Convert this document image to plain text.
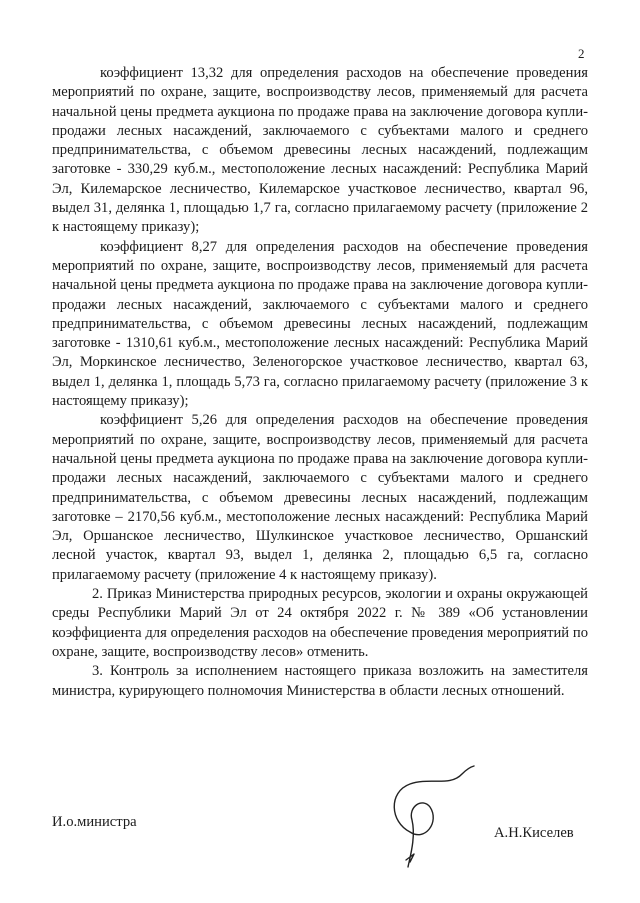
2

коэффициент 13,32 для определения расходов на обеспечение проведения мероприятий по охране, защите, воспроизводству лесов, применяемый для расчета начальной цены предмета аукциона по продаже права на заключение договора купли-продажи лесных насаждений, заключаемого с субъектами малого и среднего предпринимательства, с объемом древесины лесных насаждений, подлежащим заготовке - 330,29 куб.м., местоположение лесных насаждений: Республика Марий Эл, Килемарское лесничество, Килемарское участковое лесничество, квартал 96, выдел 31, делянка 1, площадью 1,7 га, согласно прилагаемому расчету (приложение 2 к настоящему приказу);

коэффициент 8,27 для определения расходов на обеспечение проведения мероприятий по охране, защите, воспроизводству лесов, применяемый для расчета начальной цены предмета аукциона по продаже права на заключение договора купли-продажи лесных насаждений, заключаемого с субъектами малого и среднего предпринимательства, с объемом древесины лесных насаждений, подлежащим заготовке - 1310,61 куб.м., местоположение лесных насаждений: Республика Марий Эл, Моркинское лесничество, Зеленогорское участковое лесничество, квартал 63, выдел 1, делянка 1, площадь 5,73 га, согласно прилагаемому расчету (приложение 3 к настоящему приказу);

коэффициент 5,26 для определения расходов на обеспечение проведения мероприятий по охране, защите, воспроизводству лесов, применяемый для расчета начальной цены предмета аукциона по продаже права на заключение договора купли-продажи лесных насаждений, заключаемого с субъектами малого и среднего предпринимательства, с объемом древесины лесных насаждений, подлежащим заготовке – 2170,56 куб.м., местоположение лесных насаждений: Республика Марий Эл, Оршанское лесничество, Шулкинское участковое лесничество, Оршанский лесной участок, квартал 93, выдел 1, делянка 2, площадью 6,5 га, согласно прилагаемому расчету (приложение 4 к настоящему приказу).

2. Приказ Министерства природных ресурсов, экологии и охраны окружающей среды Республики Марий Эл от 24 октября 2022 г. № 389 «Об установлении коэффициента для определения расходов на обеспечение проведения мероприятий по охране, защите, воспроизводству лесов» отменить.

3. Контроль за исполнением настоящего приказа возложить на заместителя министра, курирующего полномочия Министерства в области лесных отношений.

И.о.министра
А.Н.Киселев
